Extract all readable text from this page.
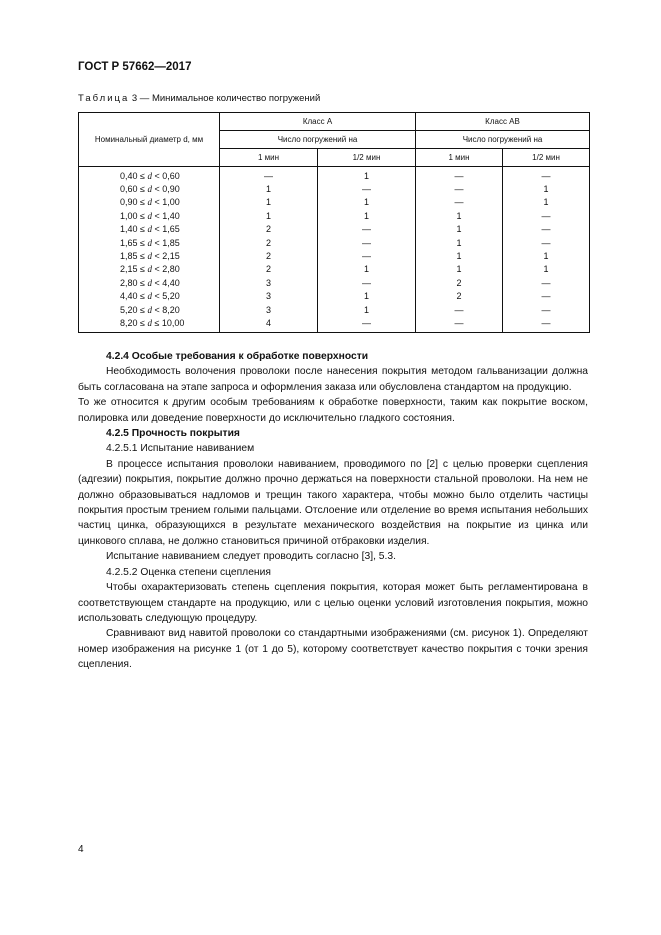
ГОСТ Р 57662—2017
Таблица 3 — Минимальное количество погружений
Номинальный диаметр d, мм	Класс А		Класс АВ	
	Число погружений на		Число погружений на	
	1 мин	1/2 мин	1 мин	1/2 мин
0,40 ≤ d < 0,60	—	1	—	—
0,60 ≤ d < 0,90	1	—	—	1
0,90 ≤ d < 1,00	1	1	—	1
1,00 ≤ d < 1,40	1	1	1	—
1,40 ≤ d < 1,65	2	—	1	—
1,65 ≤ d < 1,85	2	—	1	—
1,85 ≤ d < 2,15	2	—	1	1
2,15 ≤ d < 2,80	2	1	1	1
2,80 ≤ d < 4,40	3	—	2	—
4,40 ≤ d < 5,20	3	1	2	—
5,20 ≤ d < 8,20	3	1	—	—
8,20 ≤ d ≤ 10,00	4	—	—	—

4.2.4 Особые требования к обработке поверхности

Необходимость волочения проволоки после нанесения покрытия методом гальванизации должна быть согласована на этапе запроса и оформления заказа или обусловлена стандартом на продукцию.

То же относится к другим особым требованиям к обработке поверхности, таким как покрытие воском, полировка или доведение поверхности до исключительно гладкого состояния.

4.2.5 Прочность покрытия

4.2.5.1 Испытание навиванием

В процессе испытания проволоки навиванием, проводимого по [2] с целью проверки сцепления (адгезии) покрытия, покрытие должно прочно держаться на поверхности стальной проволоки. На нем не должно образовываться надломов и трещин такого характера, чтобы можно было отделить частицы покрытия простым трением голыми пальцами. Отслоение или отделение во время испытания небольших частиц цинка, образующихся в результате механического воздействия на покрытие из цинка или цинкового сплава, не должно становиться причиной отбраковки изделия.

Испытание навиванием следует проводить согласно [3], 5.3.

4.2.5.2 Оценка степени сцепления

Чтобы охарактеризовать степень сцепления покрытия, которая может быть регламентирована в соответствующем стандарте на продукцию, или с целью оценки условий изготовления покрытия, можно использовать следующую процедуру.

Сравнивают вид навитой проволоки со стандартными изображениями (см. рисунок 1). Определяют номер изображения на рисунке 1 (от 1 до 5), которому соответствует качество покрытия с точки зрения сцепления.

4
